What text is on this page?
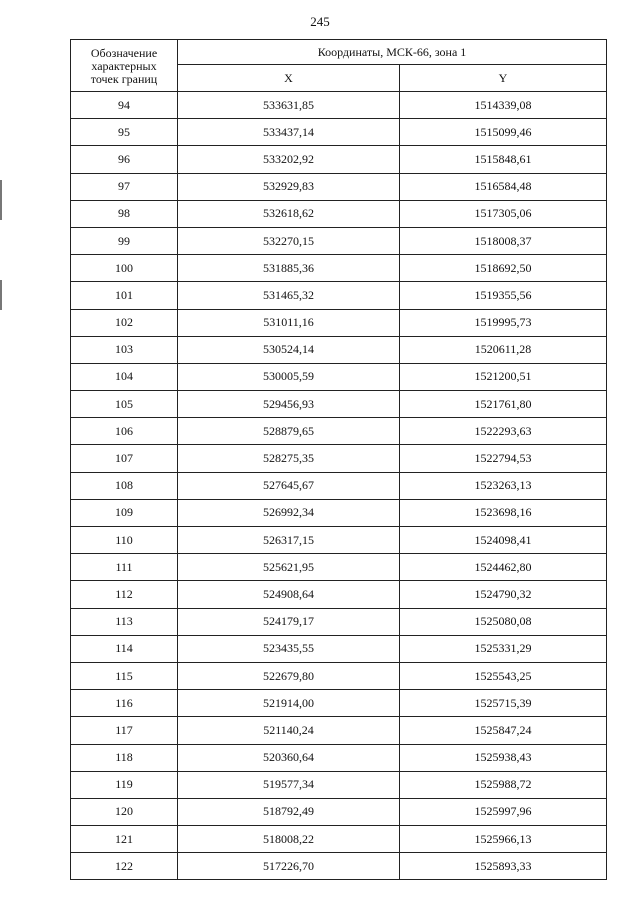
245
Обозначение
характерных
точек границ	Координаты, МСК-66, зона 1	
	X	Y
94	533631,85	1514339,08
95	533437,14	1515099,46
96	533202,92	1515848,61
97	532929,83	1516584,48
98	532618,62	1517305,06
99	532270,15	1518008,37
100	531885,36	1518692,50
101	531465,32	1519355,56
102	531011,16	1519995,73
103	530524,14	1520611,28
104	530005,59	1521200,51
105	529456,93	1521761,80
106	528879,65	1522293,63
107	528275,35	1522794,53
108	527645,67	1523263,13
109	526992,34	1523698,16
110	526317,15	1524098,41
111	525621,95	1524462,80
112	524908,64	1524790,32
113	524179,17	1525080,08
114	523435,55	1525331,29
115	522679,80	1525543,25
116	521914,00	1525715,39
117	521140,24	1525847,24
118	520360,64	1525938,43
119	519577,34	1525988,72
120	518792,49	1525997,96
121	518008,22	1525966,13
122	517226,70	1525893,33
